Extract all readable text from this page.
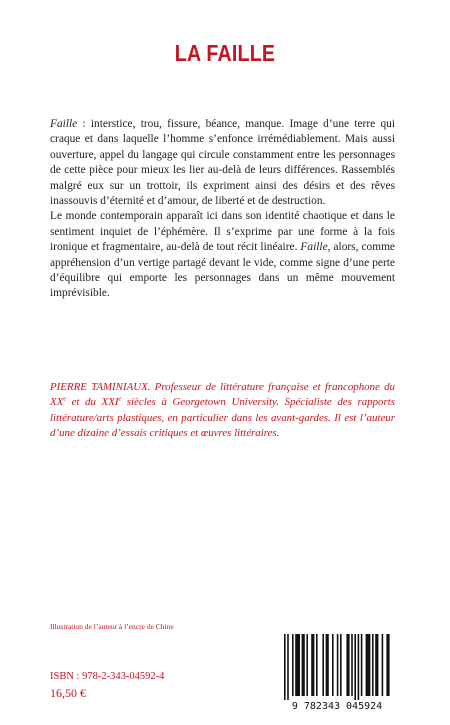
LA FAILLE

Faille : interstice, trou, fissure, béance, manque. Image d’une terre qui craque et dans laquelle l’homme s’enfonce irrémédiablement. Mais aussi ouverture, appel du langage qui circule constamment entre les personnages de cette pièce pour mieux les lier au-delà de leurs différences. Rassemblés malgré eux sur un trottoir, ils expriment ainsi des désirs et des rêves inassouvis d’éternité et d’amour, de liberté et de destruction.

Le monde contemporain apparaît ici dans son identité chaotique et dans le sentiment inquiet de l’éphémère. Il s’exprime par une forme à la fois ironique et fragmentaire, au-delà de tout récit linéaire. Faille, alors, comme appréhension d’un vertige partagé devant le vide, comme signe d’une perte d’équilibre qui emporte les personnages dans un même mouvement imprévisible.

PIERRE TAMINIAUX. Professeur de littérature française et francophone du XXe et du XXIe siècles à Georgetown University. Spécialiste des rapports littérature/arts plastiques, en particulier dans les avant-gardes. Il est l’auteur d’une dizaine d’essais critiques et œuvres littéraires.

Illustration de l’auteur à l’encre de Chine
ISBN : 978-2-343-04592-4
16,50 €
9 782343 045924
